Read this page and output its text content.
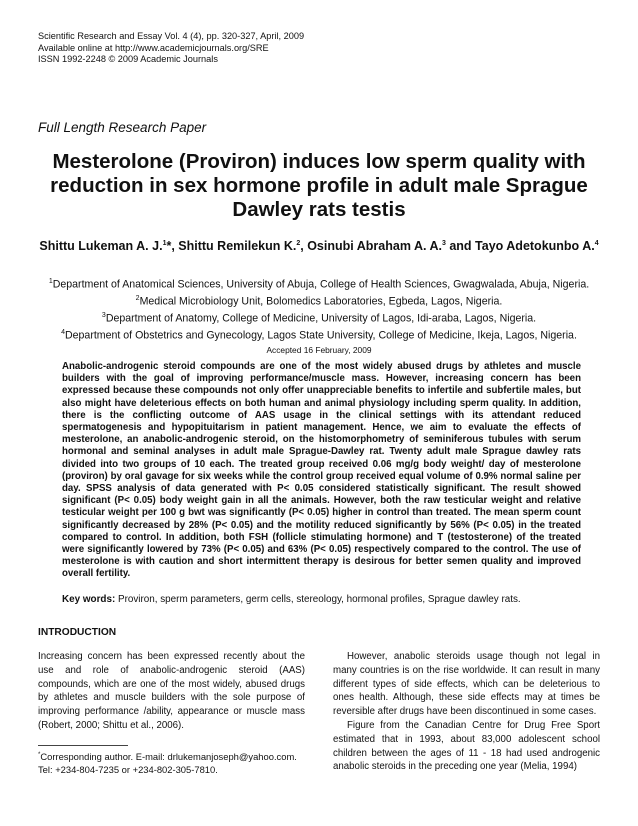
Scientific Research and Essay Vol. 4 (4), pp. 320-327, April, 2009
Available online at http://www.academicjournals.org/SRE
ISSN 1992-2248 © 2009 Academic Journals
Full Length Research Paper
Mesterolone (Proviron) induces low sperm quality with reduction in sex hormone profile in adult male Sprague Dawley rats testis
Shittu Lukeman A. J.$^1$*, Shittu Remilekun K.$^2$, Osinubi Abraham A. A.$^3$ and Tayo Adetokunbo A.$^4$
$^1$Department of Anatomical Sciences, University of Abuja, College of Health Sciences, Gwagwalada, Abuja, Nigeria.
$^2$Medical Microbiology Unit, Bolomedics Laboratories, Egbeda, Lagos, Nigeria.
$^3$Department of Anatomy, College of Medicine, University of Lagos, Idi-araba, Lagos, Nigeria.
$^4$Department of Obstetrics and Gynecology, Lagos State University, College of Medicine, Ikeja, Lagos, Nigeria.
Accepted 16 February, 2009
Anabolic-androgenic steroid compounds are one of the most widely abused drugs by athletes and muscle builders with the goal of improving performance/muscle mass. However, increasing concern has been expressed because these compounds not only offer unappreciable benefits to infertile and subfertile males, but also might have deleterious effects on both human and animal physiology including sperm quality. In addition, there is the conflicting outcome of AAS usage in the clinical settings with its attendant reduced spermatogenesis and hypopituitarism in patient management. Hence, we aim to evaluate the effects of mesterolone, an anabolic-androgenic steroid, on the histomorphometry of seminiferous tubules with serum hormonal and seminal analyses in adult male Sprague-Dawley rat. Twenty adult male Sprague dawley rats divided into two groups of 10 each. The treated group received 0.06 mg/g body weight/ day of mesterolone (proviron) by oral gavage for six weeks while the control group received equal volume of 0.9% normal saline per day. SPSS analysis of data generated with P< 0.05 considered statistically significant. The result showed significant (P< 0.05) body weight gain in all the animals. However, both the raw testicular weight and relative testicular weight per 100 g bwt was significantly (P< 0.05) higher in control than treated. The mean sperm count significantly decreased by 28% (P< 0.05) and the motility reduced significantly by 56% (P< 0.05) in the treated compared to control. In addition, both FSH (follicle stimulating hormone) and T (testosterone) of the treated were significantly lowered by 73% (P< 0.05) and 63% (P< 0.05) respectively compared to the control. The use of mesterolone is with caution and short intermittent therapy is desirous for better semen quality and improved overall fertility.
Key words: Proviron, sperm parameters, germ cells, stereology, hormonal profiles, Sprague dawley rats.
INTRODUCTION

Increasing concern has been expressed recently about the use and role of anabolic-androgenic steroid (AAS) compounds, which are one of the most widely, abused drugs by athletes and muscle builders with the sole purpose of improving performance /ability, appearance or muscle mass (Robert, 2000; Shittu et al., 2006).

*Corresponding author. E-mail: drlukemanjoseph@yahoo.com.
Tel: +234-804-7235 or +234-802-305-7810.

However, anabolic steroids usage though not legal in many countries is on the rise worldwide. It can result in many different types of side effects, which can be deleterious to ones health. Although, these side effects may at times be reversible after drugs have been discontinued in some cases.

Figure from the Canadian Centre for Drug Free Sport estimated that in 1993, about 83,000 adolescent school children between the ages of 11 - 18 had used androgenic anabolic steroids in the preceding one year (Melia, 1994)
